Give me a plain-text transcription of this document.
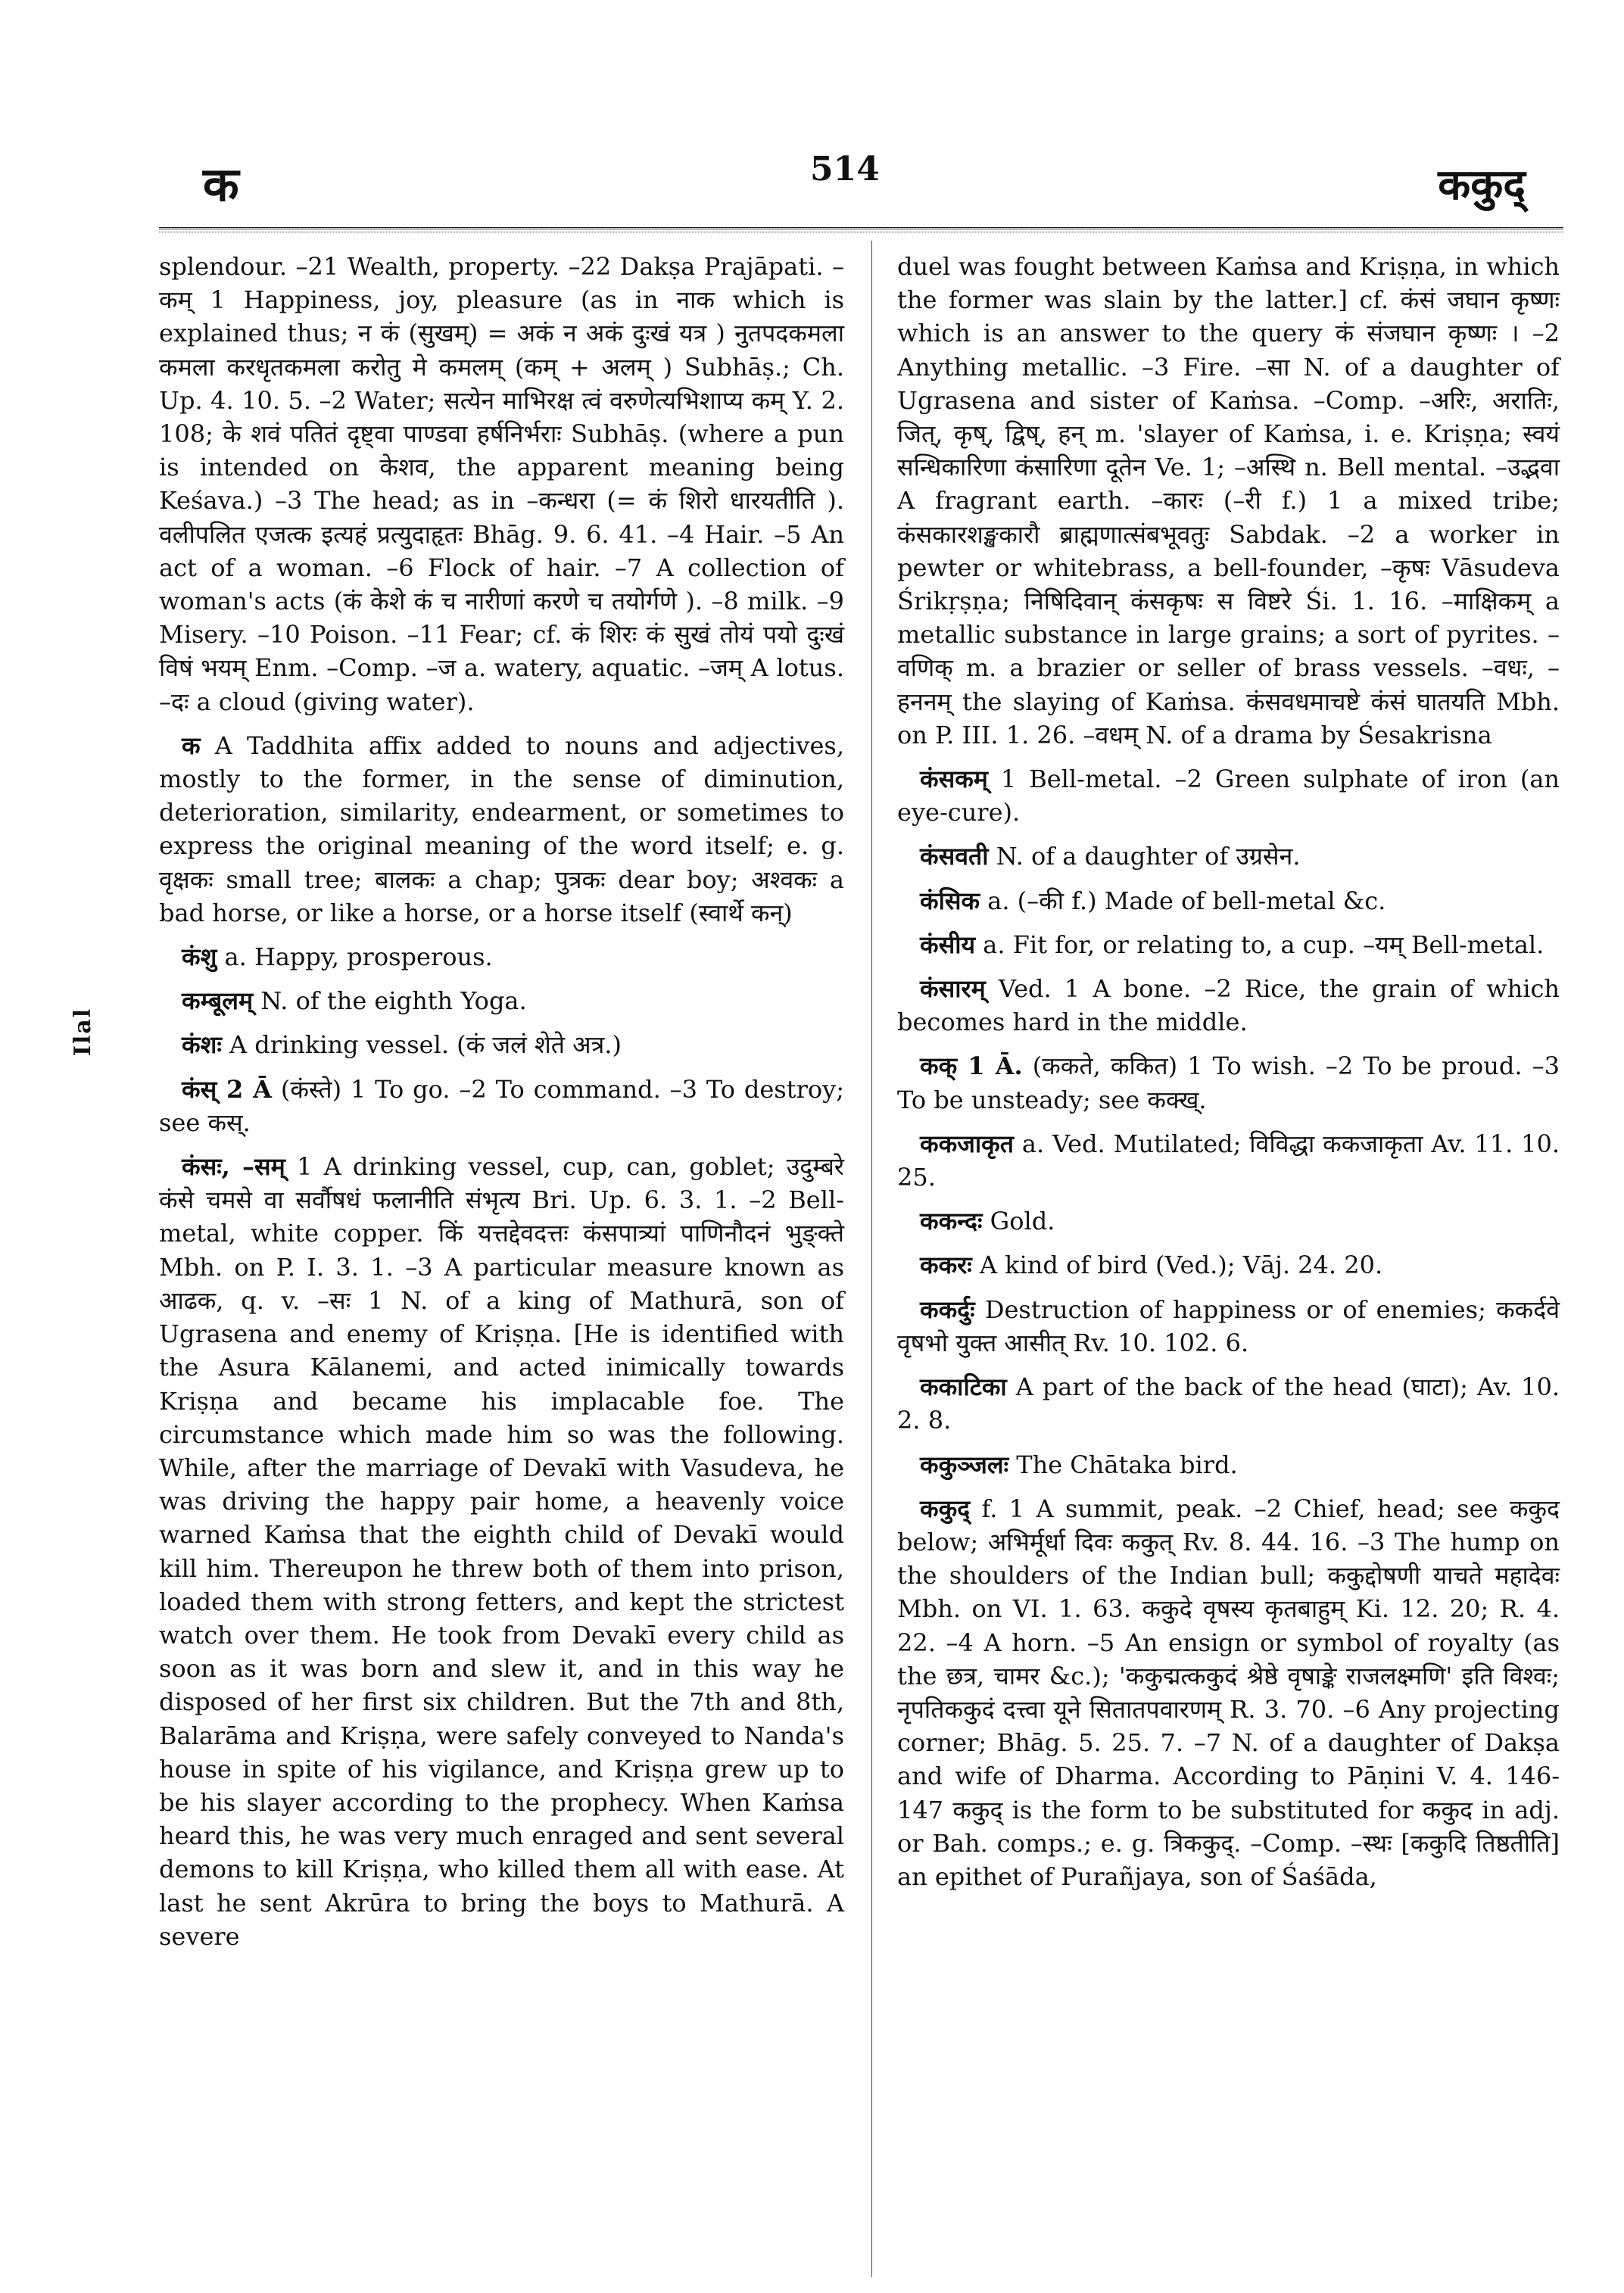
क	514	ककुद्
Ilal

splendour. –21 Wealth, property. –22 Dakṣa Prajāpati. –कम् 1 Happiness, joy, pleasure (as in नाक which is explained thus; न कं (सुखम्) = अकं न अकं दुःखं यत्र ) नुतपदकमला कमला करधृतकमला करोतु मे कमलम् (कम् + अलम् ) Subhāṣ.; Ch. Up. 4. 10. 5. –2 Water; सत्येन माभिरक्ष त्वं वरुणेत्यभिशाप्य कम् Y. 2. 108; के शवं पतितं दृष्ट्वा पाण्डवा हर्षनिर्भराः Subhāṣ. (where a pun is intended on केशव, the apparent meaning being Keśava.) –3 The head; as in –कन्धरा (= कं शिरो धारयतीति ). वलीपलित एजत्क इत्यहं प्रत्युदाहृतः Bhāg. 9. 6. 41. –4 Hair. –5 An act of a woman. –6 Flock of hair. –7 A collection of woman's acts (कं केशे कं च नारीणां करणे च तयोर्गणे ). –8 milk. –9 Misery. –10 Poison. –11 Fear; cf. कं शिरः कं सुखं तोयं पयो दुःखं विषं भयम् Enm. –Comp. –ज a. watery, aquatic. –जम् A lotus. –दः a cloud (giving water).

क A Taddhita affix added to nouns and adjectives, mostly to the former, in the sense of diminution, deterioration, similarity, endearment, or sometimes to express the original meaning of the word itself; e. g. वृक्षकः small tree; बालकः a chap; पुत्रकः dear boy; अश्वकः a bad horse, or like a horse, or a horse itself (स्वार्थे कन्)

कंशु a. Happy, prosperous.

कम्बूलम् N. of the eighth Yoga.

कंशः A drinking vessel. (कं जलं शेते अत्र.)

कंस् 2 Ā (कंस्ते) 1 To go. –2 To command. –3 To destroy; see कस्.

कंसः, –सम् 1 A drinking vessel, cup, can, goblet; उदुम्बरे कंसे चमसे वा सर्वौषधं फलानीति संभृत्य Bri. Up. 6. 3. 1. –2 Bell-metal, white copper. किं यत्तद्देवदत्तः कंसपात्र्यां पाणिनौदनं भुङ्क्ते Mbh. on P. I. 3. 1. –3 A particular measure known as आढक, q. v. –सः 1 N. of a king of Mathurā, son of Ugrasena and enemy of Kriṣṇa. [He is identified with the Asura Kālanemi, and acted inimically towards Kriṣṇa and became his implacable foe. The circumstance which made him so was the following. While, after the marriage of Devakī with Vasudeva, he was driving the happy pair home, a heavenly voice warned Kaṁsa that the eighth child of Devakī would kill him. Thereupon he threw both of them into prison, loaded them with strong fetters, and kept the strictest watch over them. He took from Devakī every child as soon as it was born and slew it, and in this way he disposed of her first six children. But the 7th and 8th, Balarāma and Kriṣṇa, were safely conveyed to Nanda's house in spite of his vigilance, and Kriṣṇa grew up to be his slayer according to the prophecy. When Kaṁsa heard this, he was very much enraged and sent several demons to kill Kriṣṇa, who killed them all with ease. At last he sent Akrūra to bring the boys to Mathurā. A severe

duel was fought between Kaṁsa and Kriṣṇa, in which the former was slain by the latter.] cf. कंसं जघान कृष्णः which is an answer to the query कं संजघान कृष्णः । –2 Anything metallic. –3 Fire. –सा N. of a daughter of Ugrasena and sister of Kaṁsa. –Comp. –अरिः, अरातिः, जित्, कृष्, द्विष्, हन् m. 'slayer of Kaṁsa, i. e. Kriṣṇa; स्वयं सन्धिकारिणा कंसारिणा दूतेन Ve. 1; –अस्थि n. Bell mental. –उद्भवा A fragrant earth. –कारः (–री f.) 1 a mixed tribe; कंसकारशङ्खकारौ ब्राह्मणात्संबभूवतुः Sabdak. –2 a worker in pewter or whitebrass, a bell-founder, –कृषः Vāsudeva Śrikṛṣṇa; निषिदिवान् कंसकृषः स विष्टरे Śi. 1. 16. –माक्षिकम् a metallic substance in large grains; a sort of pyrites. –वणिक् m. a brazier or seller of brass vessels. –वधः, –हननम् the slaying of Kaṁsa. कंसवधमाचष्टे कंसं घातयति Mbh. on P. III. 1. 26. –वधम् N. of a drama by Śesakrisna

कंसकम् 1 Bell-metal. –2 Green sulphate of iron (an eye-cure).

कंसवती N. of a daughter of उग्रसेन.

कंसिक a. (–की f.) Made of bell-metal &c.

कंसीय a. Fit for, or relating to, a cup. –यम् Bell-metal.

कंसारम् Ved. 1 A bone. –2 Rice, the grain of which becomes hard in the middle.

कक् 1 Ā. (ककते, ककित) 1 To wish. –2 To be proud. –3 To be unsteady; see कक्ख्.

ककजाकृत a. Ved. Mutilated; विविद्धा ककजाकृता Av. 11. 10. 25.

ककन्दः Gold.

ककरः A kind of bird (Ved.); Vāj. 24. 20.

ककर्दुः Destruction of happiness or of enemies; ककर्दवे वृषभो युक्त आसीत् Rv. 10. 102. 6.

ककाटिका A part of the back of the head (घाटा); Av. 10. 2. 8.

ककुञ्जलः The Chātaka bird.

ककुद् f. 1 A summit, peak. –2 Chief, head; see ककुद below; अभिर्मूर्धा दिवः ककुत् Rv. 8. 44. 16. –3 The hump on the shoulders of the Indian bull; ककुद्दोषणी याचते महादेवः Mbh. on VI. 1. 63. ककुदे वृषस्य कृतबाहुम् Ki. 12. 20; R. 4. 22. –4 A horn. –5 An ensign or symbol of royalty (as the छत्र, चामर &c.); 'ककुद्मत्ककुदं श्रेष्ठे वृषाङ्के राजलक्ष्मणि' इति विश्वः; नृपतिककुदं दत्त्वा यूने सितातपवारणम् R. 3. 70. –6 Any projecting corner; Bhāg. 5. 25. 7. –7 N. of a daughter of Dakṣa and wife of Dharma. According to Pāṇini V. 4. 146-147 ककुद् is the form to be substituted for ककुद in adj. or Bah. comps.; e. g. त्रिककुद्. –Comp. –स्थः [ककुदि तिष्ठतीति] an epithet of Purañjaya, son of Śaśāda,
